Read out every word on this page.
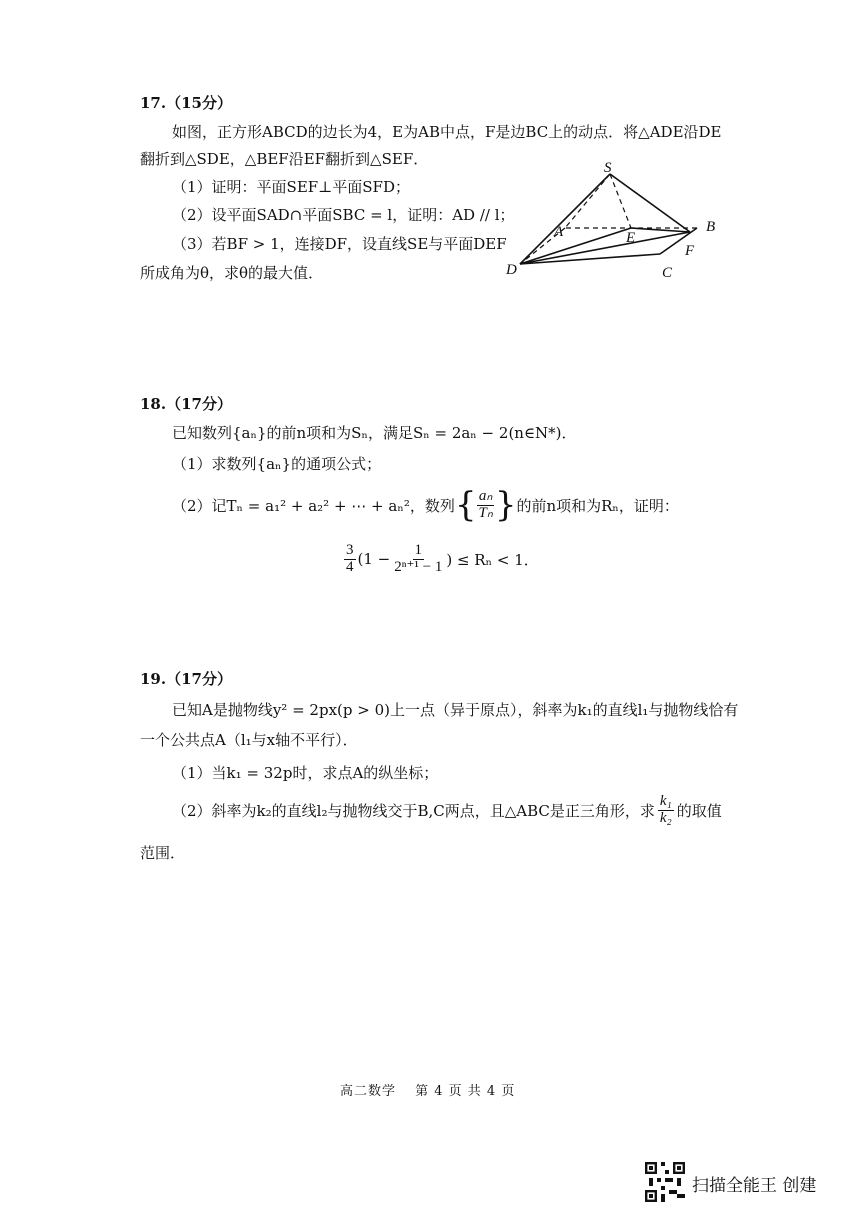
17.（15分）
如图，正方形ABCD的边长为4，E为AB中点，F是边BC上的动点．将△ADE沿DE
翻折到△SDE，△BEF沿EF翻折到△SEF．
（1）证明：平面SEF⊥平面SFD；
（2）设平面SAD∩平面SBC = l，证明：AD // l；
（3）若BF > 1，连接DF，设直线SE与平面DEF
所成角为θ，求θ的最大值．
S
A	E
B
F
D	C
18.（17分）
已知数列{aₙ}的前n项和为Sₙ，满足Sₙ = 2aₙ − 2(n∈N*)．
（1）求数列{aₙ}的通项公式；
（2）记Tₙ = a₁² + a₂² + ⋯ + aₙ²，数列 { $\frac{\text{aₙ}}{\text{Tₙ}}$ } 的前n项和为Rₙ，证明：
$\frac{3}{4} (1 - \frac{1}{\text{2ⁿ⁺¹ − 1}}$ ) ≤ Rₙ < 1．
19.（17分）
已知A是抛物线y² = 2px(p > 0)上一点（异于原点），斜率为k₁的直线l₁与抛物线恰有
一个公共点A（l₁与x轴不平行）．
（1）当k₁ = 32p时，求点A的纵坐标；
（2）斜率为k₂的直线l₂与抛物线交于B,C两点，且△ABC是正三角形，求 $\frac{\text{k₁}}{\text{k₂}}$ 的取值
范围．
高二数学　 第 4 页 共 4 页
扫描全能王 创建
